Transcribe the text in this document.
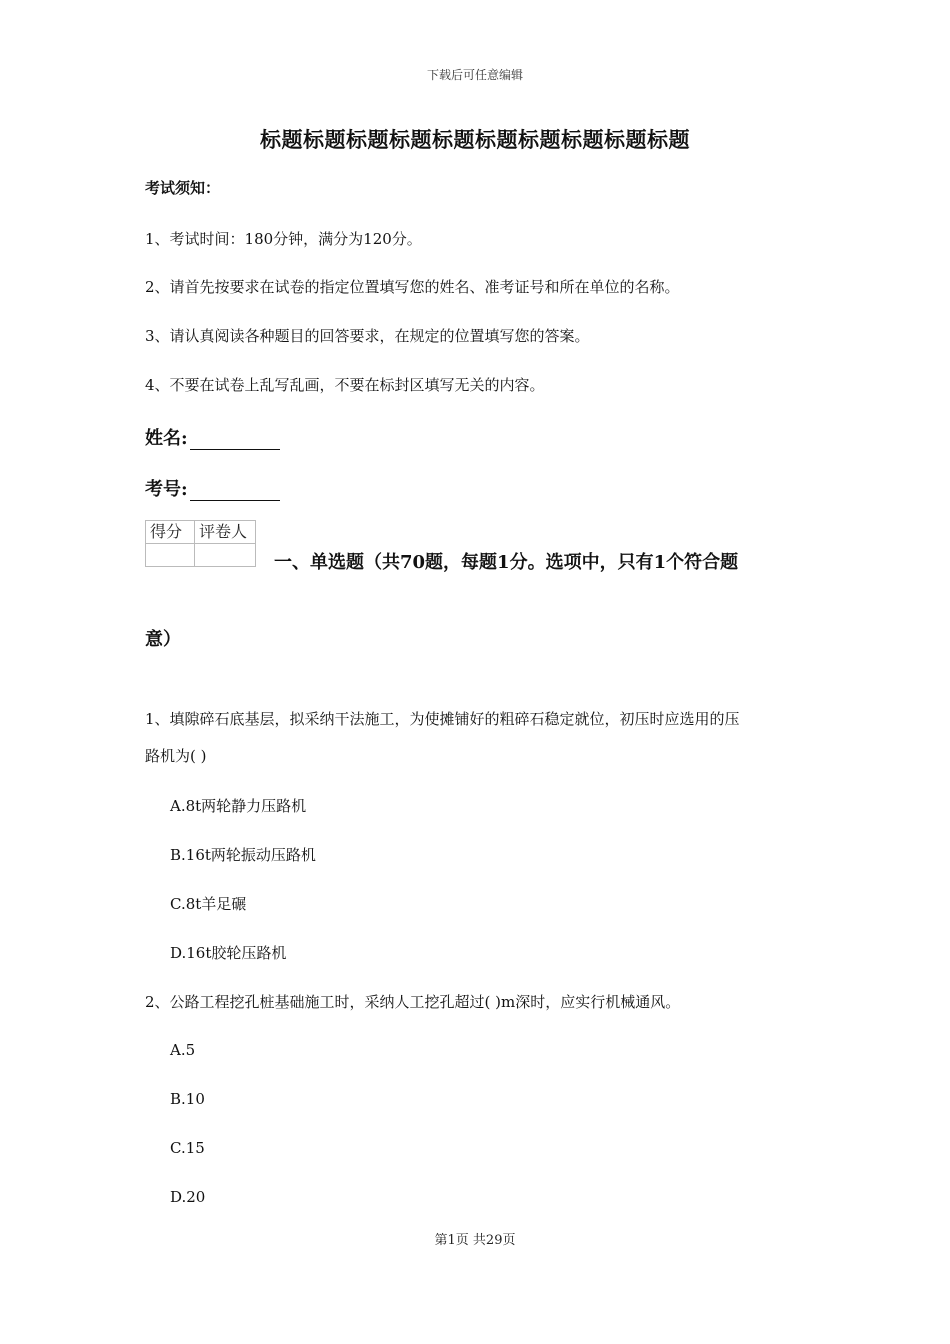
下载后可任意编辑
标题标题标题标题标题标题标题标题标题标题
考试须知：
1、考试时间：180分钟，满分为120分。
2、请首先按要求在试卷的指定位置填写您的姓名、准考证号和所在单位的名称。
3、请认真阅读各种题目的回答要求，在规定的位置填写您的答案。
4、不要在试卷上乱写乱画，不要在标封区填写无关的内容。
姓名:
考号:
得分	评卷人

一、单选题（共70题，每题1分。选项中，只有1个符合题
意）
1、填隙碎石底基层，拟采纳干法施工，为使摊铺好的粗碎石稳定就位，初压时应选用的压
路机为( )
A.8t两轮静力压路机
B.16t两轮振动压路机
C.8t羊足碾
D.16t胶轮压路机
2、公路工程挖孔桩基础施工时，采纳人工挖孔超过( )m深时，应实行机械通风。
A.5
B.10
C.15
D.20
第1页 共29页
